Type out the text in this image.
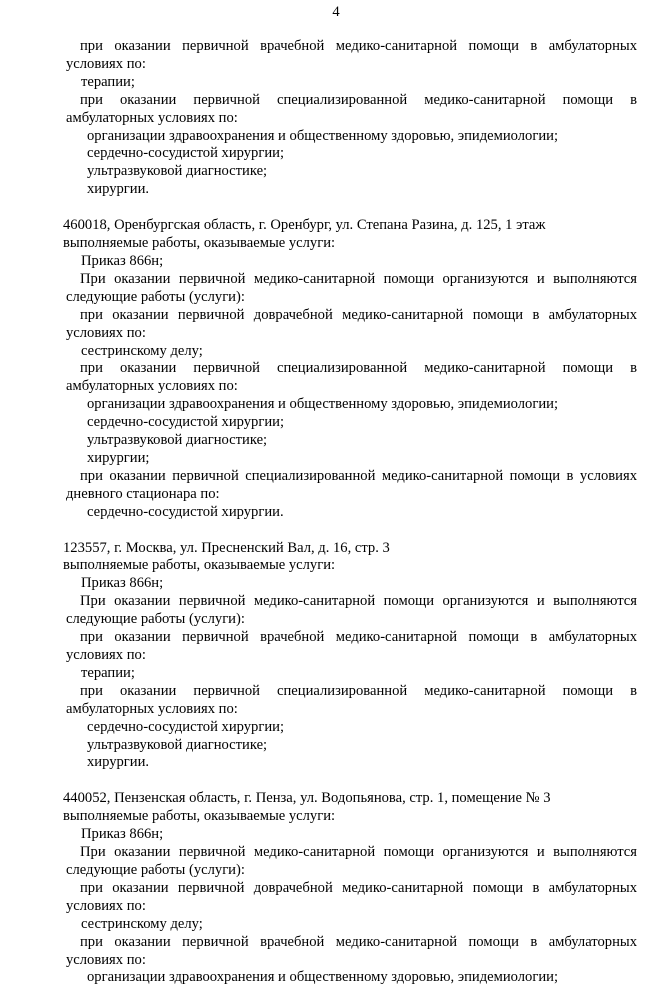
4

при оказании первичной врачебной медико-санитарной помощи в амбулаторных условиях по:

терапии;

при оказании первичной специализированной медико-санитарной помощи в амбулаторных условиях по:

организации здравоохранения и общественному здоровью, эпидемиологии;

сердечно-сосудистой хирургии;

ультразвуковой диагностике;

хирургии.

460018, Оренбургская область, г. Оренбург, ул. Степана Разина, д. 125, 1 этаж

выполняемые работы, оказываемые услуги:

Приказ 866н;

При оказании первичной медико-санитарной помощи организуются и выполняются следующие работы (услуги):

при оказании первичной доврачебной медико-санитарной помощи в амбулаторных условиях по:

сестринскому делу;

при оказании первичной специализированной медико-санитарной помощи в амбулаторных условиях по:

организации здравоохранения и общественному здоровью, эпидемиологии;

сердечно-сосудистой хирургии;

ультразвуковой диагностике;

хирургии;

при оказании первичной специализированной медико-санитарной помощи в условиях дневного стационара по:

сердечно-сосудистой хирургии.

123557, г. Москва, ул. Пресненский Вал, д. 16, стр. 3

выполняемые работы, оказываемые услуги:

Приказ 866н;

При оказании первичной медико-санитарной помощи организуются и выполняются следующие работы (услуги):

при оказании первичной врачебной медико-санитарной помощи в амбулаторных условиях по:

терапии;

при оказании первичной специализированной медико-санитарной помощи в амбулаторных условиях по:

сердечно-сосудистой хирургии;

ультразвуковой диагностике;

хирургии.

440052, Пензенская область, г. Пенза, ул. Водопьянова, стр. 1, помещение № 3

выполняемые работы, оказываемые услуги:

Приказ 866н;

При оказании первичной медико-санитарной помощи организуются и выполняются следующие работы (услуги):

при оказании первичной доврачебной медико-санитарной помощи в амбулаторных условиях по:

сестринскому делу;

при оказании первичной врачебной медико-санитарной помощи в амбулаторных условиях по:

организации здравоохранения и общественному здоровью, эпидемиологии;
